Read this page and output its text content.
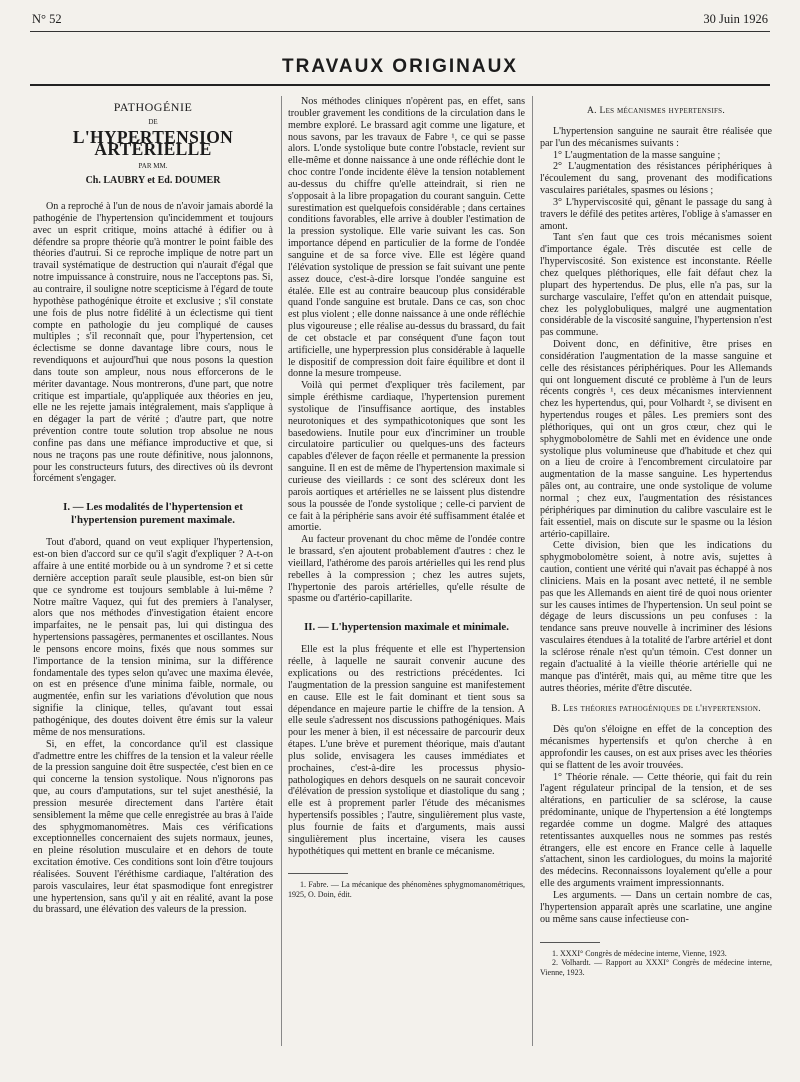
N° 52	30 Juin 1926
TRAVAUX ORIGINAUX

PATHOGÉNIE

DE

L'HYPERTENSION ARTÉRIELLE

PAR MM.

Ch. LAUBRY et Ed. DOUMER

On a reproché à l'un de nous de n'avoir jamais abordé la pathogénie de l'hypertension qu'incidemment et toujours avec un esprit critique, moins attaché à édifier ou à défendre sa propre théorie qu'à montrer le point faible des théories d'autrui. Si ce reproche implique de notre part un travail systématique de destruction qui n'aurait d'égal que notre impuissance à construire, nous ne l'acceptons pas. Si, au contraire, il souligne notre scepticisme à l'égard de toute hypothèse pathogénique étroite et exclusive ; s'il constate une fois de plus notre fidélité à un éclectisme qui tient compte en pathologie du jeu compliqué de causes multiples ; s'il reconnaît que, pour l'hypertension, cet éclectisme se donne davantage libre cours, nous le revendiquons et aujourd'hui que nous posons la question dans toute son ampleur, nous nous efforcerons de le mériter davantage. Nous montrerons, d'une part, que notre critique est impartiale, qu'appliquée aux théories en jeu, elle ne les rejette jamais intégralement, mais s'applique à en dégager la part de vérité ; d'autre part, que notre prévention contre toute solution trop absolue ne nous confine pas dans une méfiance improductive et que, si nous ne traçons pas une route définitive, nous jalonnons, pour les constructeurs futurs, des directives où ils devront forcément s'engager.

I. — Les modalités de l'hypertension et l'hypertension purement maximale.

Tout d'abord, quand on veut expliquer l'hypertension, est-on bien d'accord sur ce qu'il s'agit d'expliquer ? A-t-on affaire à une entité morbide ou à un syndrome ? et si cette dernière acception paraît seule plausible, est-on bien sûr que ce syndrome est toujours semblable à lui-même ? Notre maître Vaquez, qui fut des premiers à l'analyser, alors que nos méthodes d'investigation étaient encore imparfaites, ne le pensait pas, lui qui distingua des hypertensions passagères, permanentes et oscillantes. Nous le pensons encore moins, fixés que nous sommes sur l'importance de la tension minima, sur la différence fondamentale des types selon qu'avec une maxima élevée, on est en présence d'une minima faible, normale, ou augmentée, enfin sur les variations d'évolution que nous signifie la clinique, telles, qu'avant tout essai pathogénique, des doutes doivent être émis sur la valeur même de nos mensurations.

Si, en effet, la concordance qu'il est classique d'admettre entre les chiffres de la tension et la valeur réelle de la pression sanguine doit être suspectée, c'est bien en ce qui concerne la tension systolique. Nous n'ignorons pas que, au cours d'amputations, sur tel sujet anesthésié, la pression mesurée directement dans l'artère était sensiblement la même que celle enregistrée au bras à l'aide des sphygmomanomètres. Mais ces vérifications exceptionnelles concernaient des sujets normaux, jeunes, en pleine résolution musculaire et en dehors de toute excitation émotive. Ces conditions sont loin d'être toujours réalisées. Souvent l'éréthisme cardiaque, l'altération des parois vasculaires, leur état spasmodique font enregistrer une hypertension, sans qu'il y ait en réalité, avant la pose du brassard, une élévation des valeurs de la pression.

Nos méthodes cliniques n'opèrent pas, en effet, sans troubler gravement les conditions de la circulation dans le membre exploré. Le brassard agit comme une ligature, et nous savons, par les travaux de Fabre ¹, ce qui se passe alors. L'onde systolique bute contre l'obstacle, revient sur elle-même et donne naissance à une onde réfléchie dont le choc contre l'onde incidente élève la tension notablement au-dessus du chiffre qu'elle atteindrait, si rien ne s'opposait à la libre propagation du courant sanguin. Cette surestimation est quelquefois considérable ; dans certaines conditions favorables, elle arrive à doubler l'estimation de la pression systolique. Elle varie suivant les cas. Son importance dépend en particulier de la forme de l'ondée sanguine et de sa force vive. Elle est légère quand l'élévation systolique de pression se fait suivant une pente assez douce, c'est-à-dire lorsque l'ondée sanguine est étalée. Elle est au contraire beaucoup plus considérable quand l'onde sanguine est brutale. Dans ce cas, son choc est plus violent ; elle donne naissance à une onde réfléchie plus vigoureuse ; elle réalise au-dessus du brassard, du fait de cet obstacle et par conséquent d'une façon tout artificielle, une hyperpression plus considérable à laquelle le dispositif de compression doit faire équilibre et dont il donne la mesure trompeuse.

Voilà qui permet d'expliquer très facilement, par simple éréthisme cardiaque, l'hypertension purement systolique de l'insuffisance aortique, des instables neurotoniques et des sympathicotoniques que sont les basedowiens. Inutile pour eux d'incriminer un trouble circulatoire particulier ou quelques-uns des facteurs capables d'élever de façon réelle et permanente la pression sanguine. Il en est de même de l'hypertension maximale si curieuse des vieillards : ce sont des scléreux dont les parois aortiques et artérielles ne se laissent plus distendre sous la poussée de l'onde systolique ; celle-ci parvient de ce fait à la périphérie sans avoir été suffisamment étalée et amortie.

Au facteur provenant du choc même de l'ondée contre le brassard, s'en ajoutent probablement d'autres : chez le vieillard, l'athérome des parois artérielles qui les rend plus rebelles à la compression ; chez les autres sujets, l'hypertonie des parois artérielles, qu'elle résulte de spasme ou d'artério-capillarite.

II. — L'hypertension maximale et minimale.

Elle est la plus fréquente et elle est l'hypertension réelle, à laquelle ne saurait convenir aucune des explications ou des restrictions précédentes. Ici l'augmentation de la pression sanguine est manifestement en cause. Elle est le fait dominant et tient sous sa dépendance en majeure partie le chiffre de la tension. A elle seule s'adressent nos discussions pathogéniques. Mais pour les mener à bien, il est nécessaire de parcourir deux étapes. L'une brève et purement théorique, mais d'autant plus solide, envisagera les causes immédiates et prochaines, c'est-à-dire les processus physio-pathologiques en dehors desquels on ne saurait concevoir d'élévation de pression systolique et diastolique du sang ; elle est à proprement parler l'étude des mécanismes hypertensifs possibles ; l'autre, singulièrement plus vaste, plus fournie de faits et d'arguments, mais aussi singulièrement plus incertaine, visera les causes hypothétiques qui mettent en branle ce mécanisme.

1. Fabre. — La mécanique des phénomènes sphygmomanométriques, 1925, O. Doin, édit.

A. Les mécanismes hypertensifs.

L'hypertension sanguine ne saurait être réalisée que par l'un des mécanismes suivants :

1° L'augmentation de la masse sanguine ;

2° L'augmentation des résistances périphériques à l'écoulement du sang, provenant des modifications vasculaires pariétales, spasmes ou lésions ;

3° L'hyperviscosité qui, gênant le passage du sang à travers le défilé des petites artères, l'oblige à s'amasser en amont.

Tant s'en faut que ces trois mécanismes soient d'importance égale. Très discutée est celle de l'hyperviscosité. Son existence est inconstante. Réelle chez quelques pléthoriques, elle fait défaut chez la plupart des hypertendus. De plus, elle n'a pas, sur la surcharge vasculaire, l'effet qu'on en attendait puisque, chez les polyglobuliques, malgré une augmentation considérable de la viscosité sanguine, l'hypertension n'est pas commune.

Doivent donc, en définitive, être prises en considération l'augmentation de la masse sanguine et celle des résistances périphériques. Pour les Allemands qui ont longuement discuté ce problème à l'un de leurs récents congrès ¹, ces deux mécanismes interviennent chez les hypertendus, qui, pour Volhardt ², se divisent en hypertendus rouges et pâles. Les premiers sont des pléthoriques, qui ont un gros cœur, chez qui le sphygmobolomètre de Sahli met en évidence une onde systolique plus volumineuse que d'habitude et chez qui on a lieu de croire à l'encombrement circulatoire par augmentation de la masse sanguine. Les hypertendus pâles ont, au contraire, une onde systolique de volume normal ; chez eux, l'augmentation des résistances périphériques par diminution du calibre vasculaire est le fait essentiel, mais on discute sur le spasme ou la lésion artério-capillaire.

Cette division, bien que les indications du sphygmobolomètre soient, à notre avis, sujettes à caution, contient une vérité qui n'avait pas échappé à nos cliniciens. Mais en la posant avec netteté, il ne semble pas que les Allemands en aient tiré de quoi nous orienter sur les causes intimes de l'hypertension. Un seul point se dégage de leurs discussions un peu confuses : la tendance sans preuve nouvelle à incriminer des lésions vasculaires étendues à la totalité de l'arbre artériel et dont la sclérose rénale n'est qu'un témoin. C'est donner un regain d'actualité à la vieille théorie artérielle qui ne manque pas d'intérêt, mais qui, au même titre que les autres théories, mérite d'être discutée.

B. Les théories pathogéniques de l'hypertension.

Dès qu'on s'éloigne en effet de la conception des mécanismes hypertensifs et qu'on cherche à en approfondir les causes, on est aux prises avec les théories qui se flattent de les avoir trouvées.

1° Théorie rénale. — Cette théorie, qui fait du rein l'agent régulateur principal de la tension, et de ses altérations, en particulier de sa sclérose, la cause prédominante, unique de l'hypertension a été longtemps regardée comme un dogme. Malgré des attaques retentissantes auxquelles nous ne sommes pas restés étrangers, elle est encore en France celle à laquelle s'attachent, sinon les cardiologues, du moins la majorité des médecins. Reconnaissons loyalement qu'elle a pour elle des arguments vraiment impressionnants.

Les arguments. — Dans un certain nombre de cas, l'hypertension apparaît après une scarlatine, une angine ou même sans cause infectieuse con-

1. XXXI° Congrès de médecine interne, Vienne, 1923.

2. Volhardt. — Rapport au XXXI° Congrès de médecine interne, Vienne, 1923.
